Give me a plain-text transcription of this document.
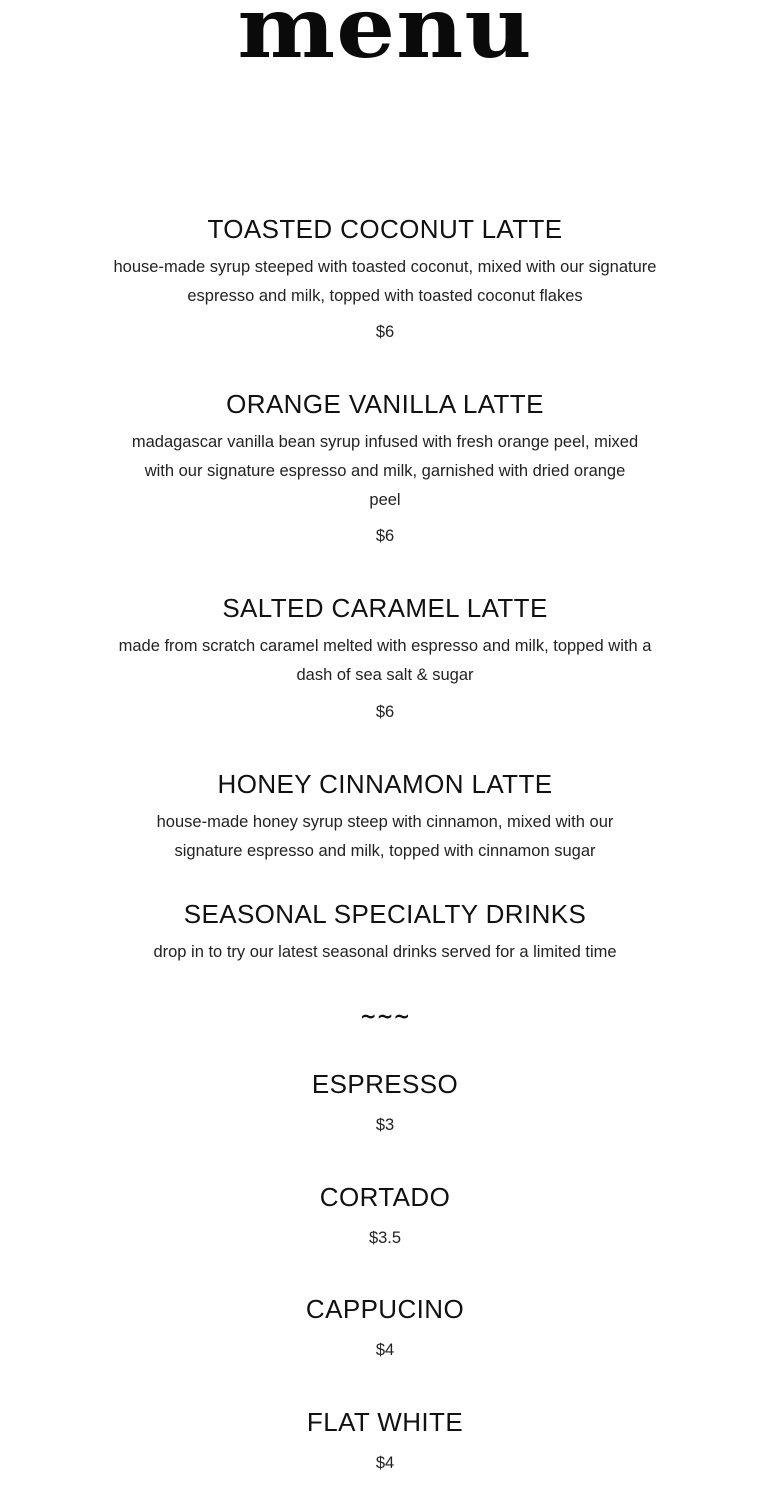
menu
TOASTED COCONUT LATTE

house-made syrup steeped with toasted coconut, mixed with our signature espresso and milk, topped with toasted coconut flakes

$6

ORANGE VANILLA LATTE

madagascar vanilla bean syrup infused with fresh orange peel, mixed with our signature espresso and milk, garnished with dried orange peel

$6

SALTED CARAMEL LATTE

made from scratch caramel melted with espresso and milk, topped with a dash of sea salt & sugar

$6

HONEY CINNAMON LATTE

house-made honey syrup steep with cinnamon, mixed with our signature espresso and milk, topped with cinnamon sugar

SEASONAL SPECIALTY DRINKS

drop in to try our latest seasonal drinks served for a limited time

~~~
ESPRESSO

$3

CORTADO

$3.5

CAPPUCINO

$4

FLAT WHITE

$4
